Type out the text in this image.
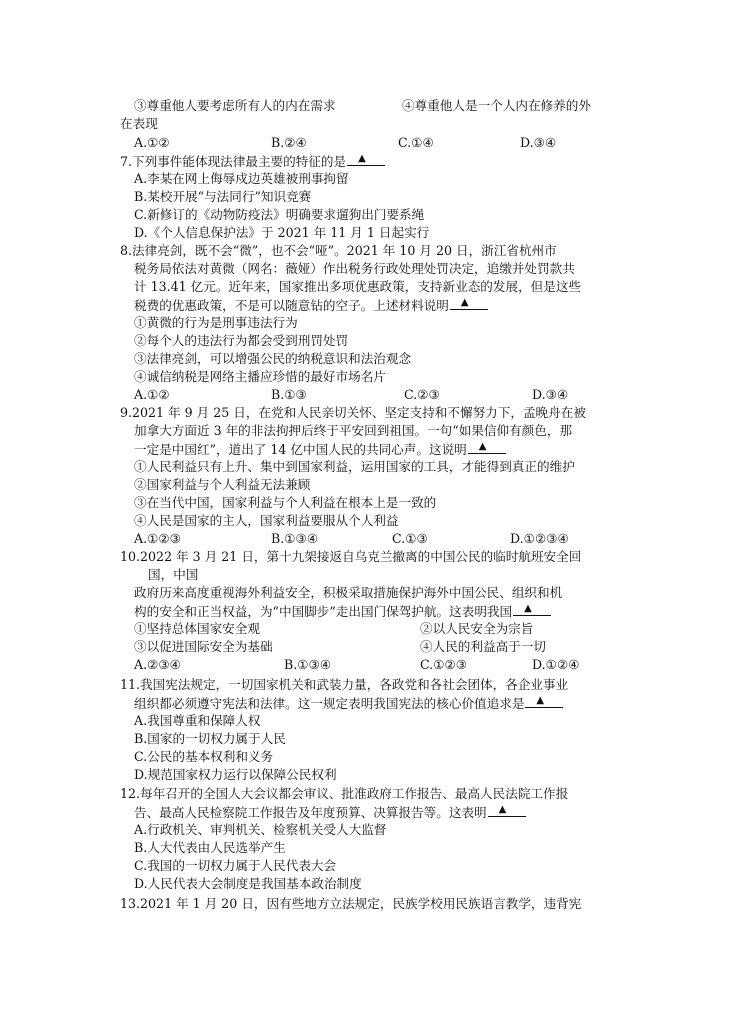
③尊重他人要考虑所有人的内在需求	④尊重他人是一个人内在修养的外
在表现
A.①②	B.②④	C.①④	D.③④
7.下列事件能体现法律最主要的特征的是 ▲
A.李某在网上侮辱戍边英雄被刑事拘留
B.某校开展“与法同行”知识竞赛
C.新修订的《动物防疫法》明确要求遛狗出门要系绳
D.《个人信息保护法》于 2021 年 11 月 1 日起实行
8.法律亮剑，既不会“微”，也不会“哑”。2021 年 10 月 20 日，浙江省杭州市
税务局依法对黄微（网名：薇娅）作出税务行政处理处罚决定，追缴并处罚款共
计 13.41 亿元。近年来，国家推出多项优惠政策，支持新业态的发展，但是这些
税费的优惠政策，不是可以随意钻的空子。上述材料说明 ▲
①黄微的行为是刑事违法行为
②每个人的违法行为都会受到刑罚处罚
③法律亮剑，可以增强公民的纳税意识和法治观念
④诚信纳税是网络主播应珍惜的最好市场名片
A.①②	B.①③	C.②③	D.③④
9.2021 年 9 月 25 日，在党和人民亲切关怀、坚定支持和不懈努力下，孟晚舟在被
加拿大方面近 3 年的非法拘押后终于平安回到祖国。一句“如果信仰有颜色，那
一定是中国红”，道出了 14 亿中国人民的共同心声。这说明 ▲
①人民利益只有上升、集中到国家利益，运用国家的工具，才能得到真正的维护
②国家利益与个人利益无法兼顾
③在当代中国，国家利益与个人利益在根本上是一致的
④人民是国家的主人，国家利益要服从个人利益
A.①②③	B.①③④	C.①③	D.①②③④
10.2022 年 3 月 21 日，第十九架接返自乌克兰撤离的中国公民的临时航班安全回
国，中国
政府历来高度重视海外利益安全，积极采取措施保护海外中国公民、组织和机
构的安全和正当权益，为“中国脚步”走出国门保驾护航。这表明我国 ▲
①坚持总体国家安全观	②以人民安全为宗旨
③以促进国际安全为基础	④人民的利益高于一切
A.②③④	B.①③④	C.①②③	D.①②④
11.我国宪法规定，一切国家机关和武装力量，各政党和各社会团体，各企业事业
组织都必须遵守宪法和法律。这一规定表明我国宪法的核心价值追求是 ▲
A.我国尊重和保障人权
B.国家的一切权力属于人民
C.公民的基本权利和义务
D.规范国家权力运行以保障公民权利
12.每年召开的全国人大会议都会审议、批准政府工作报告、最高人民法院工作报
告、最高人民检察院工作报告及年度预算、决算报告等。这表明 ▲
A.行政机关、审判机关、检察机关受人大监督
B.人大代表由人民选举产生
C.我国的一切权力属于人民代表大会
D.人民代表大会制度是我国基本政治制度
13.2021 年 1 月 20 日，因有些地方立法规定，民族学校用民族语言教学，违背宪
